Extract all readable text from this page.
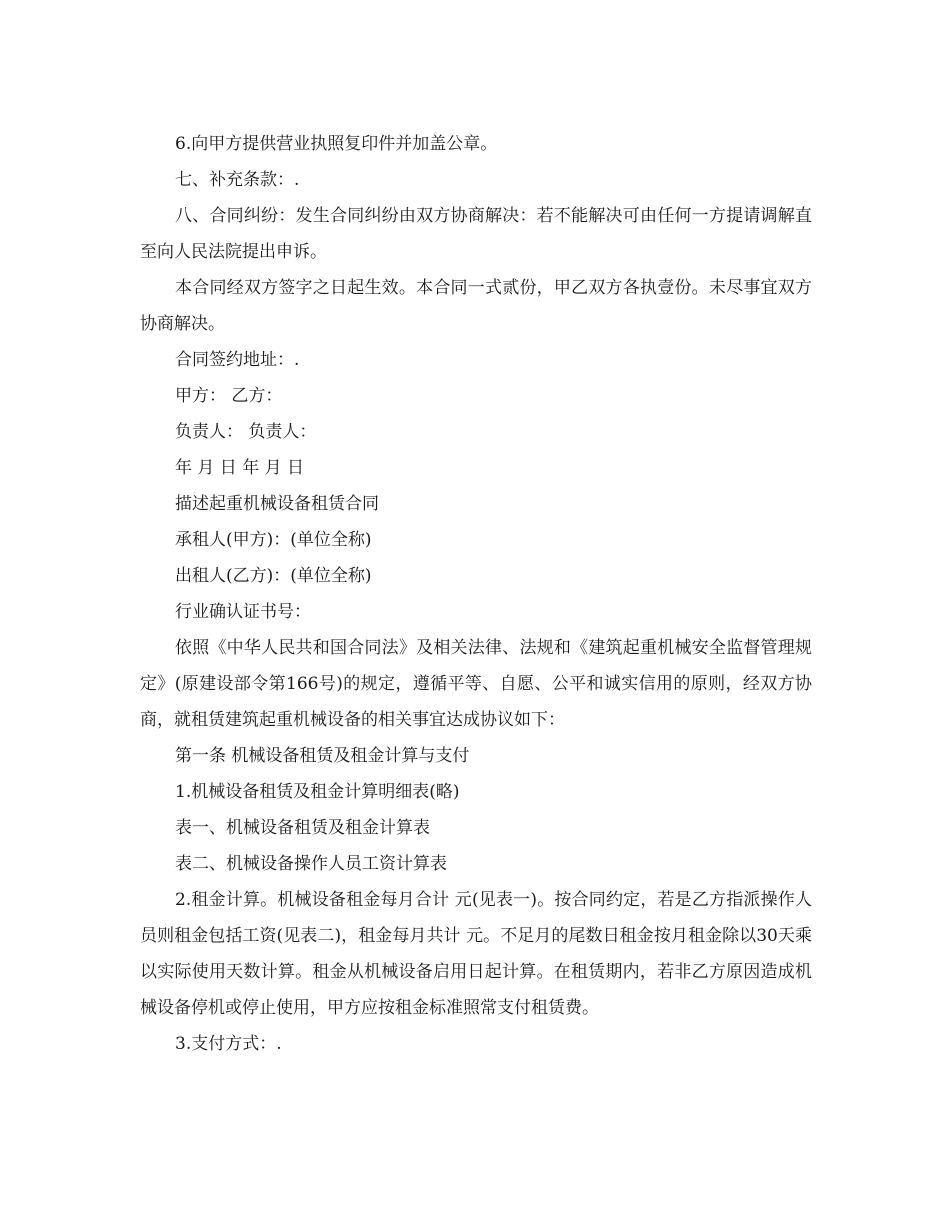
6.向甲方提供营业执照复印件并加盖公章。

七、补充条款：.

八、合同纠纷：发生合同纠纷由双方协商解决：若不能解决可由任何一方提请调解直至向人民法院提出申诉。

本合同经双方签字之日起生效。本合同一式贰份，甲乙双方各执壹份。未尽事宜双方协商解决。

合同签约地址：.

甲方： 乙方：

负责人： 负责人：

年 月 日 年 月 日

描述起重机械设备租赁合同

承租人(甲方)：(单位全称)

出租人(乙方)：(单位全称)

行业确认证书号：

依照《中华人民共和国合同法》及相关法律、法规和《建筑起重机械安全监督管理规定》(原建设部令第166号)的规定，遵循平等、自愿、公平和诚实信用的原则，经双方协商，就租赁建筑起重机械设备的相关事宜达成协议如下：

第一条 机械设备租赁及租金计算与支付

1.机械设备租赁及租金计算明细表(略)

表一、机械设备租赁及租金计算表

表二、机械设备操作人员工资计算表

2.租金计算。机械设备租金每月合计 元(见表一)。按合同约定，若是乙方指派操作人员则租金包括工资(见表二)，租金每月共计 元。不足月的尾数日租金按月租金除以30天乘以实际使用天数计算。租金从机械设备启用日起计算。在租赁期内，若非乙方原因造成机械设备停机或停止使用，甲方应按租金标准照常支付租赁费。

3.支付方式：.
